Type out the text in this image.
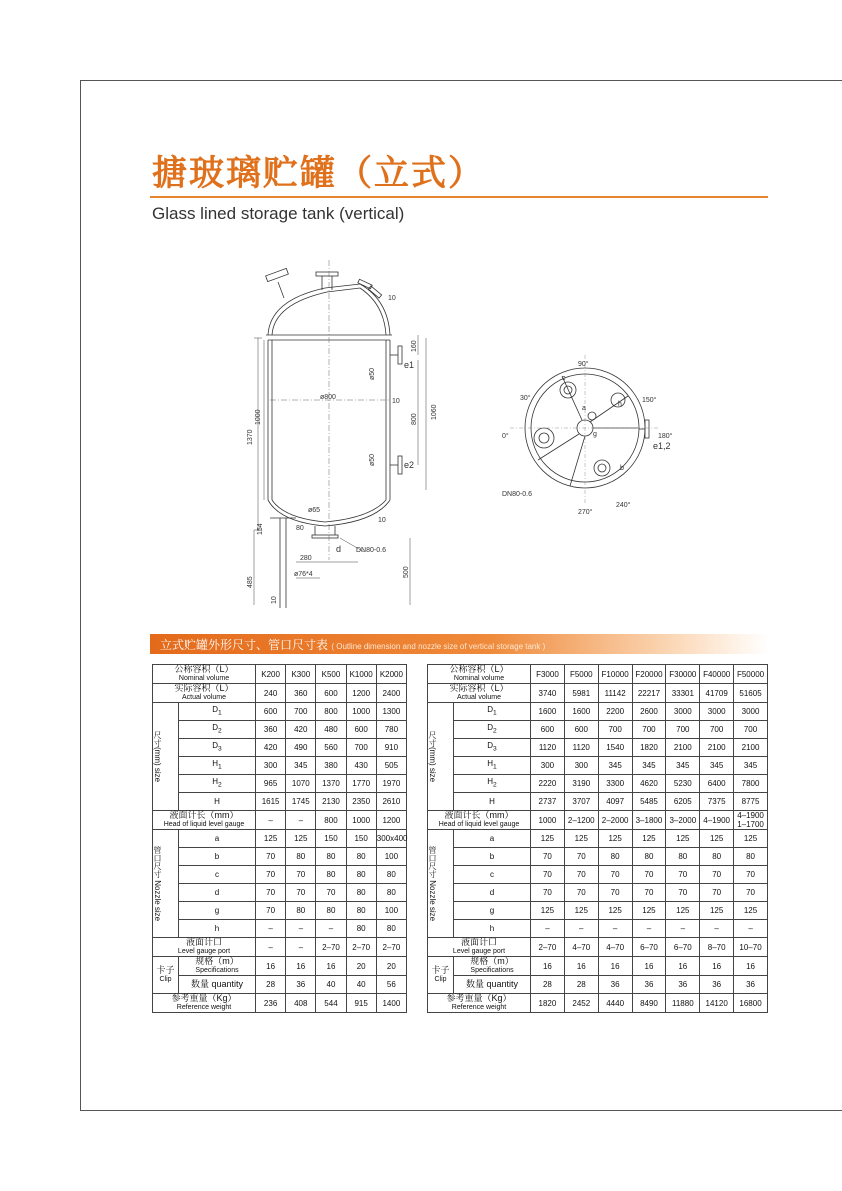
搪玻璃贮罐（立式）
Glass lined storage tank (vertical)
1370
1000	1060
800
160
10
10
10
154
485
500
10
ø800
ø50
ø50
ø65
80
280
ø76*4
e1
e2
d DN80-0.6
90°
30°	150°
0°	180°
240°
270°
e1,2
DN80-0.6
c
a
b
g
h
立式贮罐外形尺寸、管口尺寸表 ( Outline dimension and nozzle size of vertical storage tank )
公称容积（L）
Nominal volume		K200	K300	K500	K1000	K2000
实际容积（L）
Actual volume		240	360	600	1200	2400

尺寸(mm) size	$D_1$	600	700	800	1000	1300
	$D_2$	360	420	480	600	780
	$D_3$	420	490	560	700	910
	$H_1$	300	345	380	430	505
	$H_2$	965	1070	1370	1770	1970
	H	1615	1745	2130	2350	2610
液面计长（mm）
Head of liquid level gauge		–	–	800	1000	1200

管口尺寸 Nozzle size	a	125	125	150	150	300x400
	b	70	80	80	80	100
	c	70	70	80	80	80
	d	70	70	70	80	80
	g	70	80	80	80	100
	h	–	–	–	80	80
液面计口
Level gauge port		–	–	2–70	2–70	2–70
卡子
Clip	规格（m）
Specifications	16	16	16	20	20
	数量 quantity	28	36	40	40	56
参考重量（Kg）
Reference weight		236	408	544	915	1400
公称容积（L）
Nominal volume		F3000	F5000	F10000	F20000	F30000	F40000	F50000
实际容积（L）
Actual volume		3740	5981	11142	22217	33301	41709	51605

尺寸(mm) size	$D_1$	1600	1600	2200	2600	3000	3000	3000
	$D_2$	600	600	700	700	700	700	700
	$D_3$	1120	1120	1540	1820	2100	2100	2100
	$H_1$	300	300	345	345	345	345	345
	$H_2$	2220	3190	3300	4620	5230	6400	7800
	H	2737	3707	4097	5485	6205	7375	8775
液面计长（mm）
Head of liquid level gauge		1000	2–1200	2–2000	3–1800	3–2000	4–1900	4–1900
1–1700

管口尺寸 Nozzle size	a	125	125	125	125	125	125	125
	b	70	70	80	80	80	80	80
	c	70	70	70	70	70	70	70
	d	70	70	70	70	70	70	70
	g	125	125	125	125	125	125	125
	h	–	–	–	–	–	–	–
液面计口
Level gauge port		2–70	4–70	4–70	6–70	6–70	8–70	10–70
卡子
Clip	规格（m）
Specifications	16	16	16	16	16	16	16
	数量 quantity	28	28	36	36	36	36	36
参考重量（Kg）
Reference weight		1820	2452	4440	8490	11880	14120	16800
